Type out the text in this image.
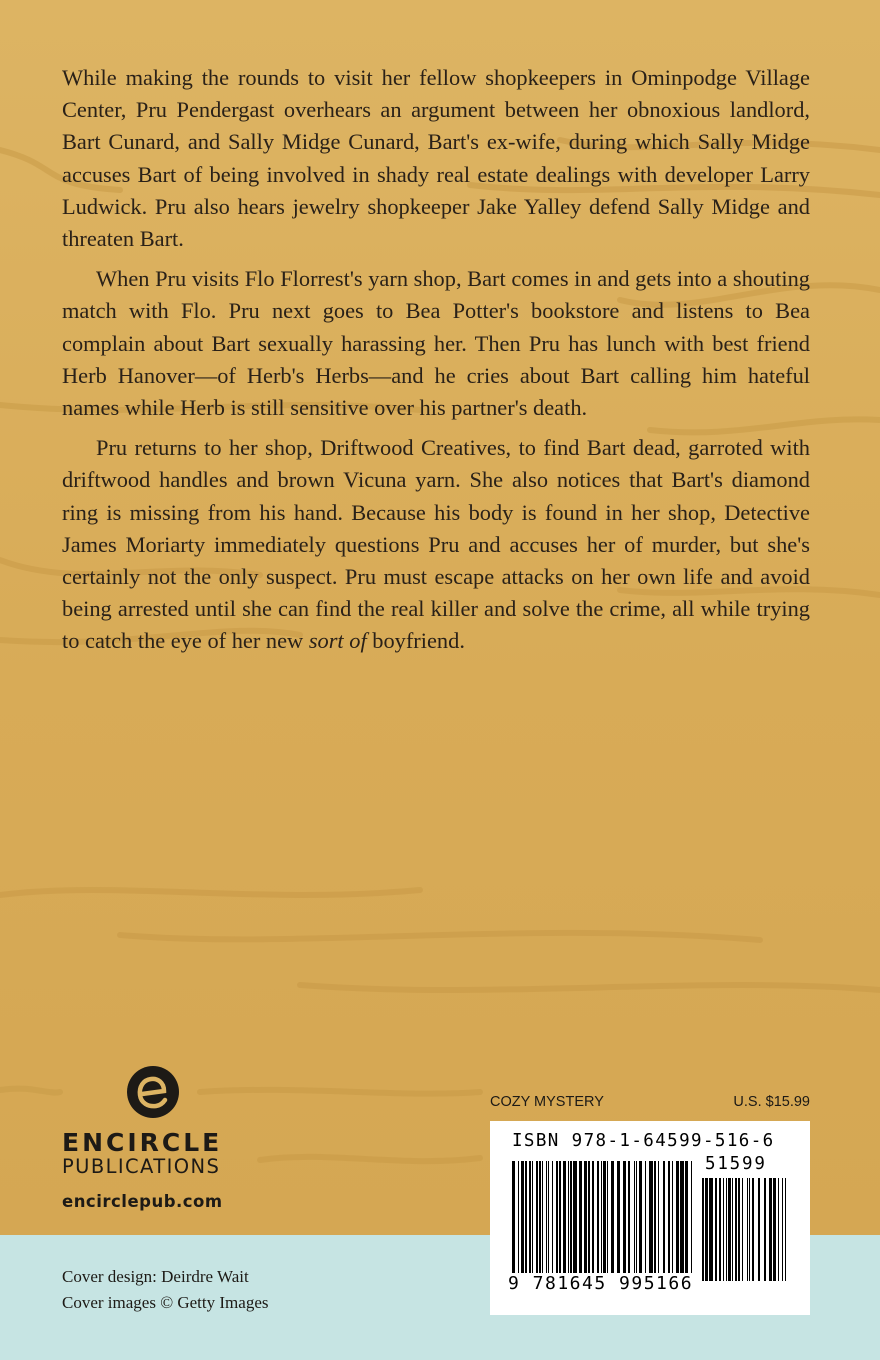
While making the rounds to visit her fellow shopkeepers in Ominpodge Village Center, Pru Pendergast overhears an argument between her obnoxious landlord, Bart Cunard, and Sally Midge Cunard, Bart's ex-wife, during which Sally Midge accuses Bart of being involved in shady real estate dealings with developer Larry Ludwick. Pru also hears jewelry shopkeeper Jake Yalley defend Sally Midge and threaten Bart.

When Pru visits Flo Florrest's yarn shop, Bart comes in and gets into a shouting match with Flo. Pru next goes to Bea Potter's bookstore and listens to Bea complain about Bart sexually harassing her. Then Pru has lunch with best friend Herb Hanover—of Herb's Herbs—and he cries about Bart calling him hateful names while Herb is still sensitive over his partner's death.

Pru returns to her shop, Driftwood Creatives, to find Bart dead, garroted with driftwood handles and brown Vicuna yarn. She also notices that Bart's diamond ring is missing from his hand. Because his body is found in her shop, Detective James Moriarty immediately questions Pru and accuses her of murder, but she's certainly not the only suspect. Pru must escape attacks on her own life and avoid being arrested until she can find the real killer and solve the crime, all while trying to catch the eye of her new sort of boyfriend.

ENCIRCLE
PUBLICATIONS
encirclepub.com
COZY MYSTERY	U.S. $15.99
Cover design: Deirdre Wait
Cover images © Getty Images
ISBN 978-1-64599-516-6
51599
9 781645 995166
